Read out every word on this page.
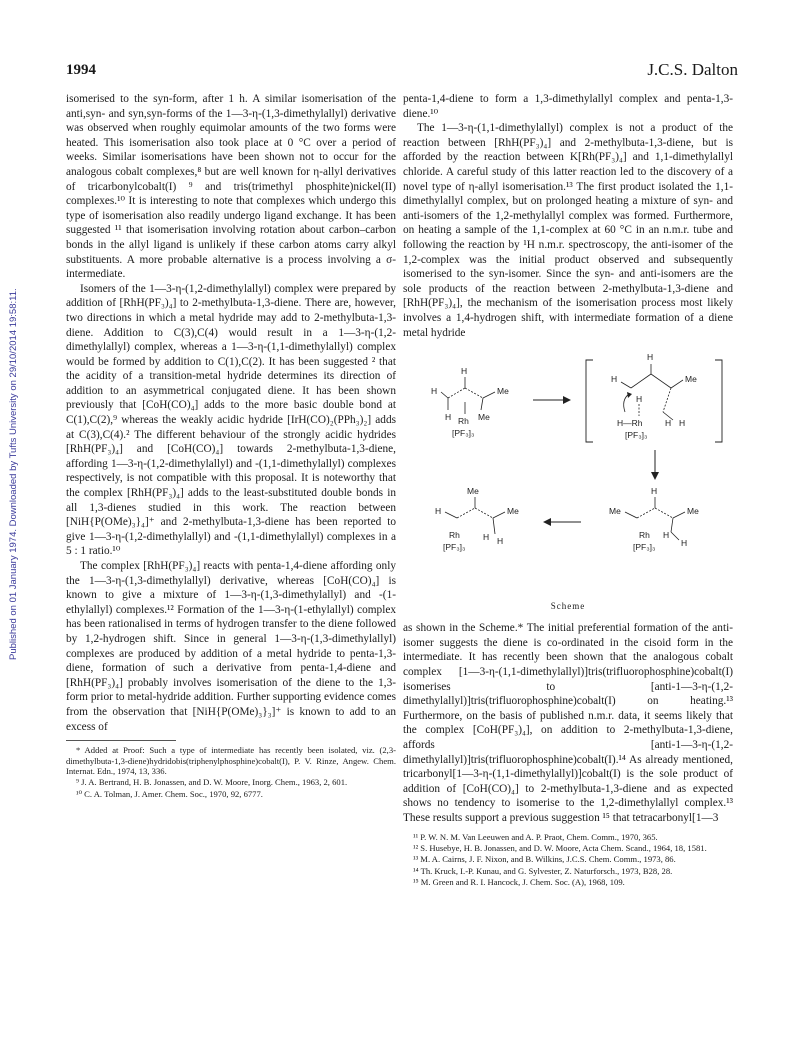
1994	J.C.S. Dalton
Published on 01 January 1974. Downloaded by Tufts University on 29/10/2014 19:58:11.

isomerised to the syn-form, after 1 h. A similar isomerisation of the anti,syn- and syn,syn-forms of the 1—3-η-(1,3-dimethylallyl) derivative was observed when roughly equimolar amounts of the two forms were heated. This isomerisation also took place at 0 °C over a period of weeks. Similar isomerisations have been shown not to occur for the analogous cobalt complexes,⁸ but are well known for η-allyl derivatives of tricarbonylcobalt(I) ⁹ and tris(trimethyl phosphite)nickel(II) complexes.¹⁰ It is interesting to note that complexes which undergo this type of isomerisation also readily undergo ligand exchange. It has been suggested ¹¹ that isomerisation involving rotation about carbon–carbon bonds in the allyl ligand is unlikely if these carbon atoms carry alkyl substituents. A more probable alternative is a process involving a σ-intermediate.

Isomers of the 1—3-η-(1,2-dimethylallyl) complex were prepared by addition of [RhH(PF₃)₄] to 2-methylbuta-1,3-diene. There are, however, two directions in which a metal hydride may add to 2-methylbuta-1,3-diene. Addition to C(3),C(4) would result in a 1—3-η-(1,2-dimethylallyl) complex, whereas a 1—3-η-(1,1-dimethylallyl) complex would be formed by addition to C(1),C(2). It has been suggested ² that the acidity of a transition-metal hydride determines its direction of addition to an asymmetrical conjugated diene. It has been shown previously that [CoH(CO)₄] adds to the more basic double bond at C(1),C(2),⁹ whereas the weakly acidic hydride [IrH(CO)₂(PPh₃)₂] adds at C(3),C(4).² The different behaviour of the strongly acidic hydrides [RhH(PF₃)₄] and [CoH(CO)₄] towards 2-methylbuta-1,3-diene, affording 1—3-η-(1,2-dimethylallyl) and -(1,1-dimethylallyl) complexes respectively, is not compatible with this proposal. It is noteworthy that the complex [RhH(PF₃)₄] adds to the least-substituted double bonds in all 1,3-dienes studied in this work. The reaction between [NiH{P(OMe)₃}₄]⁺ and 2-methylbuta-1,3-diene has been reported to give 1—3-η-(1,2-dimethylallyl) and -(1,1-dimethylallyl) complexes in a 5 : 1 ratio.¹⁰

The complex [RhH(PF₃)₄] reacts with penta-1,4-diene affording only the 1—3-η-(1,3-dimethylallyl) derivative, whereas [CoH(CO)₄] is known to give a mixture of 1—3-η-(1,3-dimethylallyl) and -(1-ethylallyl) complexes.¹² Formation of the 1—3-η-(1-ethylallyl) complex has been rationalised in terms of hydrogen transfer to the diene followed by 1,2-hydrogen shift. Since in general 1—3-η-(1,3-dimethylallyl) complexes are produced by addition of a metal hydride to penta-1,3-diene, formation of such a derivative from penta-1,4-diene and [RhH(PF₃)₄] probably involves isomerisation of the diene to the 1,3-form prior to metal-hydride addition. Further supporting evidence comes from the observation that [NiH{P(OMe)₃}₃]⁺ is known to add to an excess of

* Added at Proof: Such a type of intermediate has recently been isolated, viz. (2,3-dimethylbuta-1,3-diene)hydridobis(triphenylphosphine)cobalt(I), P. V. Rinze, Angew. Chem. Internat. Edn., 1974, 13, 336.
⁹ J. A. Bertrand, H. B. Jonassen, and D. W. Moore, Inorg. Chem., 1963, 2, 601.
¹⁰ C. A. Tolman, J. Amer. Chem. Soc., 1970, 92, 6777.

penta-1,4-diene to form a 1,3-dimethylallyl complex and penta-1,3-diene.¹⁰

The 1—3-η-(1,1-dimethylallyl) complex is not a product of the reaction between [RhH(PF₃)₄] and 2-methylbuta-1,3-diene, but is afforded by the reaction between K[Rh(PF₃)₄] and 1,1-dimethylallyl chloride. A careful study of this latter reaction led to the discovery of a novel type of η-allyl isomerisation.¹³ The first product isolated the 1,1-dimethylallyl complex, but on prolonged heating a mixture of syn- and anti-isomers of the 1,2-methylallyl complex was formed. Furthermore, on heating a sample of the 1,1-complex at 60 °C in an n.m.r. tube and following the reaction by ¹H n.m.r. spectroscopy, the anti-isomer of the 1,2-complex was the initial product observed and subsequently isomerised to the syn-isomer. Since the syn- and anti-isomers are the sole products of the reaction between 2-methylbuta-1,3-diene and [RhH(PF₃)₄], the mechanism of the isomerisation process most likely involves a 1,4-hydrogen shift, with intermediate formation of a diene metal hydride

H
H	Me
H	Me
Rh
[PF₃]₃
H
H	Me
H
H—Rh	H H
[PF₃]₃
H
Me	Me
Rh H
H
[PF₃]₃
Me
H	Me
Rh	H H
[PF₃]₃
Scheme

as shown in the Scheme.* The initial preferential formation of the anti-isomer suggests the diene is co-ordinated in the cisoid form in the intermediate. It has recently been shown that the analogous cobalt complex [1—3-η-(1,1-dimethylallyl)]tris(trifluorophosphine)cobalt(I) isomerises to [anti-1—3-η-(1,2-dimethylallyl)]tris(trifluorophosphine)cobalt(I) on heating.¹³ Furthermore, on the basis of published n.m.r. data, it seems likely that the complex [CoH(PF₃)₄], on addition to 2-methylbuta-1,3-diene, affords [anti-1—3-η-(1,2-dimethylallyl)]tris(trifluorophosphine)cobalt(I).¹⁴ As already mentioned, tricarbonyl[1—3-η-(1,1-dimethylallyl)]cobalt(I) is the sole product of addition of [CoH(CO)₄] to 2-methylbuta-1,3-diene and as expected shows no tendency to isomerise to the 1,2-dimethylallyl complex.¹³ These results support a previous suggestion ¹⁵ that tetracarbonyl[1—3

¹¹ P. W. N. M. Van Leeuwen and A. P. Praot, Chem. Comm., 1970, 365.
¹² S. Husebye, H. B. Jonassen, and D. W. Moore, Acta Chem. Scand., 1964, 18, 1581.
¹³ M. A. Cairns, J. F. Nixon, and B. Wilkins, J.C.S. Chem. Comm., 1973, 86.
¹⁴ Th. Kruck, I.-P. Kunau, and G. Sylvester, Z. Naturforsch., 1973, B28, 28.
¹⁵ M. Green and R. I. Hancock, J. Chem. Soc. (A), 1968, 109.
